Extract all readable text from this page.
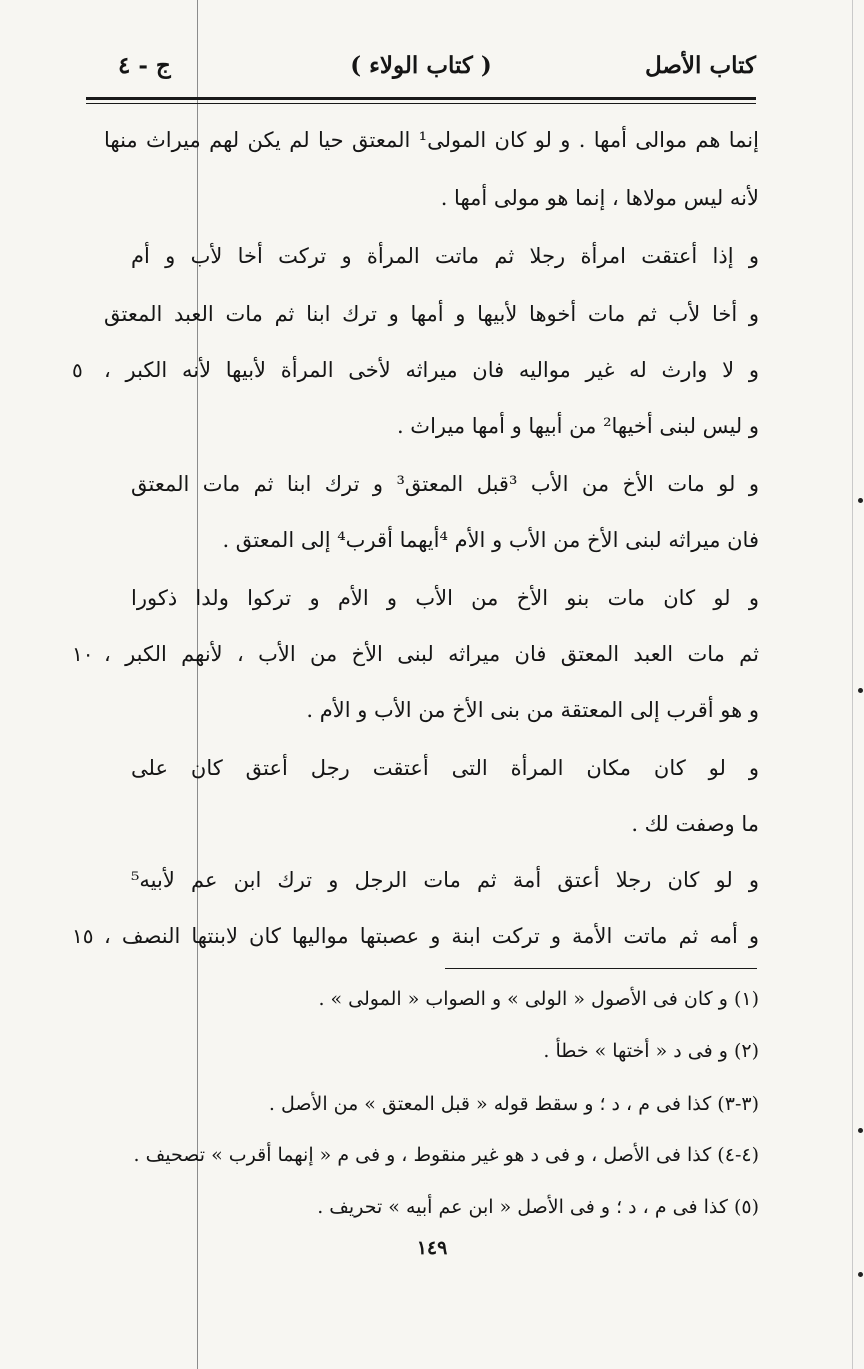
كتاب الأصل
( كتاب الولاء )
ج - ٤
إنما هم موالى أمها . و لو كان المولى¹ المعتق حيا لم يكن لهم ميراث منها
لأنه ليس مولاها ، إنما هو مولى أمها .
و إذا أعتقت امرأة رجلا ثم ماتت المرأة و تركت أخا لأب و أم
و أخا لأب ثم مات أخوها لأبيها و أمها و ترك ابنا ثم مات العبد المعتق
و لا وارث له غير مواليه فان ميراثه لأخى المرأة لأبيها لأنه الكبر ،
٥
و ليس لبنى أخيها² من أبيها و أمها ميراث .
و لو مات الأخ من الأب ³قبل المعتق³ و ترك ابنا ثم مات المعتق
فان ميراثه لبنى الأخ من الأب و الأم ⁴أيهما أقرب⁴ إلى المعتق .
و لو كان مات بنو الأخ من الأب و الأم و تركوا ولدا ذكورا
ثم مات العبد المعتق فان ميراثه لبنى الأخ من الأب ، لأنهم الكبر ،
١٠
و هو أقرب إلى المعتقة من بنى الأخ من الأب و الأم .
و لو كان مكان المرأة التى أعتقت رجل أعتق كان على
ما وصفت لك .
و لو كان رجلا أعتق أمة ثم مات الرجل و ترك ابن عم لأبيه⁵
و أمه ثم ماتت الأمة و تركت ابنة و عصبتها مواليها كان لابنتها النصف ،
١٥
(١) و كان فى الأصول « الولى » و الصواب « المولى » .
(٢) و فى د « أختها » خطأ .
(٣-٣) كذا فى م ، د ؛ و سقط قوله « قبل المعتق » من الأصل .
(٤-٤) كذا فى الأصل ، و فى د هو غير منقوط ، و فى م « إنهما أقرب » تصحيف .
(٥) كذا فى م ، د ؛ و فى الأصل « ابن عم أبيه » تحريف .
١٤٩
